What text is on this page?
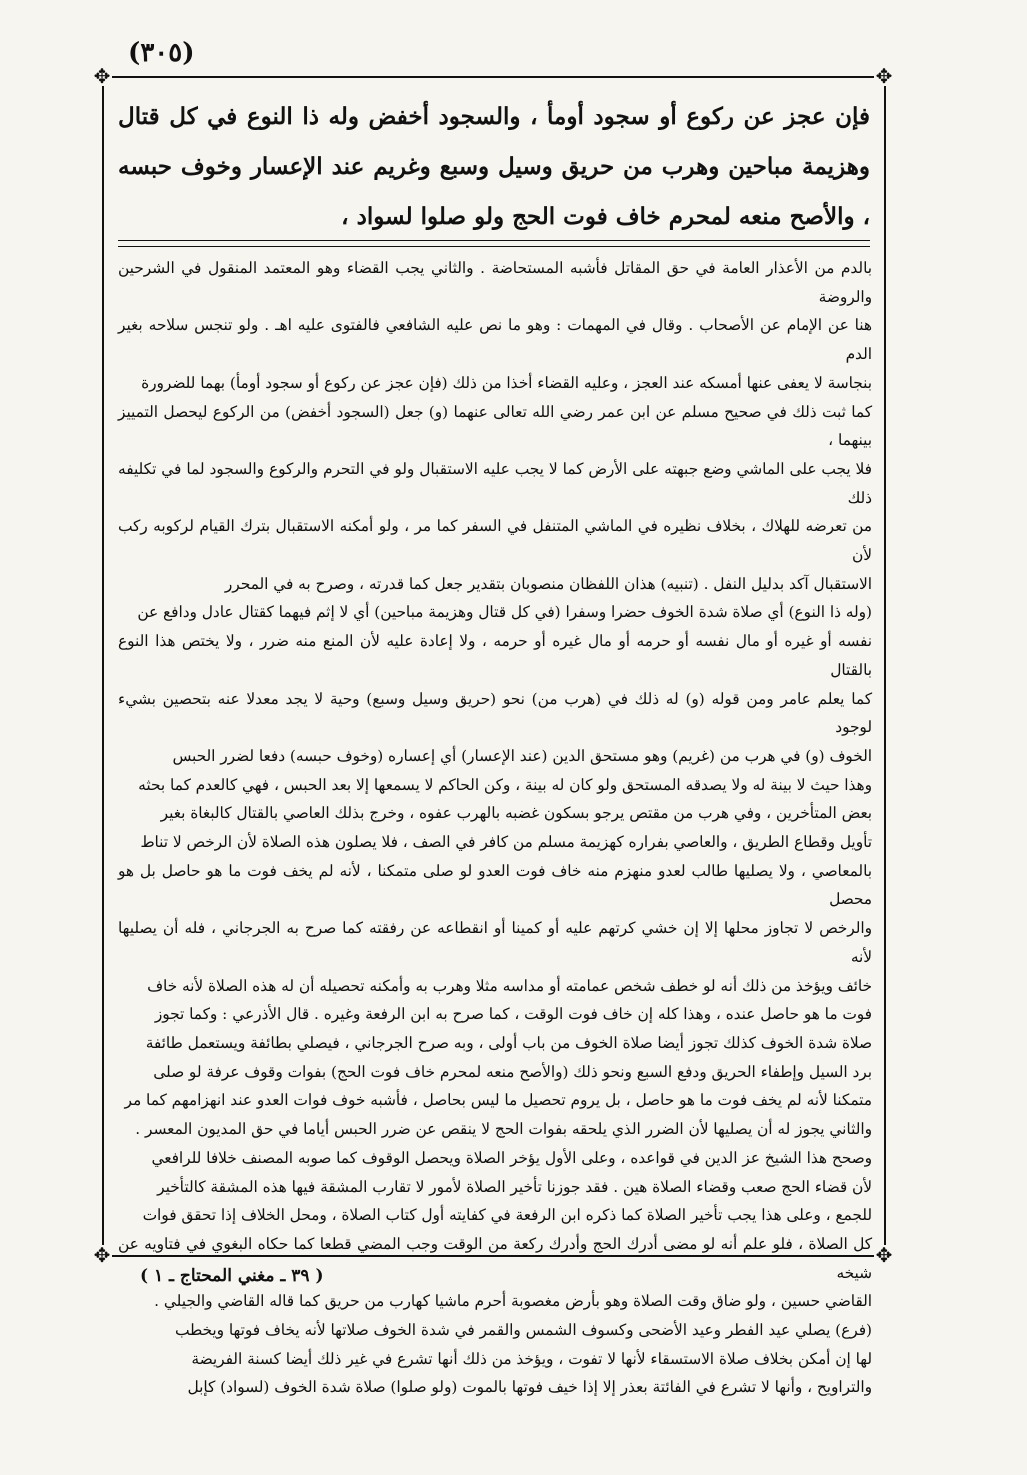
(٣٠٥)
✥	✥
✥	✥
فإن عجز عن ركوع أو سجود أومأ ، والسجود أخفض وله ذا النوع في كل قتال وهزيمة مباحين وهرب من حريق وسيل وسبع وغريم عند الإعسار وخوف حبسه ، والأصح منعه لمحرم خاف فوت الحج ولو صلوا لسواد ،

بالدم من الأعذار العامة في حق المقاتل فأشبه المستحاضة . والثاني يجب القضاء وهو المعتمد المنقول في الشرحين والروضة

هنا عن الإمام عن الأصحاب . وقال في المهمات : وهو ما نص عليه الشافعي فالفتوى عليه اهـ . ولو تنجس سلاحه بغير الدم

بنجاسة لا يعفى عنها أمسكه عند العجز ، وعليه القضاء أخذا من ذلك (فإن عجز عن ركوع أو سجود أومأ) بهما للضرورة

كما ثبت ذلك في صحيح مسلم عن ابن عمر رضي الله تعالى عنهما (و) جعل (السجود أخفض) من الركوع ليحصل التمييز بينهما ،

فلا يجب على الماشي وضع جبهته على الأرض كما لا يجب عليه الاستقبال ولو في التحرم والركوع والسجود لما في تكليفه ذلك

من تعرضه للهلاك ، بخلاف نظيره في الماشي المتنفل في السفر كما مر ، ولو أمكنه الاستقبال بترك القيام لركوبه ركب لأن

الاستقبال آكد بدليل النفل . (تنبيه) هذان اللفظان منصوبان بتقدير جعل كما قدرته ، وصرح به في المحرر

(وله ذا النوع) أي صلاة شدة الخوف حضرا وسفرا (في كل قتال وهزيمة مباحين) أي لا إثم فيهما كقتال عادل ودافع عن

نفسه أو غيره أو مال نفسه أو حرمه أو مال غيره أو حرمه ، ولا إعادة عليه لأن المنع منه ضرر ، ولا يختص هذا النوع بالقتال

كما يعلم عامر ومن قوله (و) له ذلك في (هرب من) نحو (حريق وسيل وسبع) وحية لا يجد معدلا عنه بتحصين بشيء لوجود

الخوف (و) في هرب من (غريم) وهو مستحق الدين (عند الإعسار) أي إعساره (وخوف حبسه) دفعا لضرر الحبس

وهذا حيث لا بينة له ولا يصدقه المستحق ولو كان له بينة ، وكن الحاكم لا يسمعها إلا بعد الحبس ، فهي كالعدم كما بحثه

بعض المتأخرين ، وفي هرب من مقتص يرجو بسكون غضبه بالهرب عفوه ، وخرج بذلك العاصي بالقتال كالبغاة بغير

تأويل وقطاع الطريق ، والعاصي بفراره كهزيمة مسلم من كافر في الصف ، فلا يصلون هذه الصلاة لأن الرخص لا تناط

بالمعاصي ، ولا يصليها طالب لعدو منهزم منه خاف فوت العدو لو صلى متمكنا ، لأنه لم يخف فوت ما هو حاصل بل هو محصل

والرخص لا تجاوز محلها إلا إن خشي كرتهم عليه أو كمينا أو انقطاعه عن رفقته كما صرح به الجرجاني ، فله أن يصليها لأنه

خائف ويؤخذ من ذلك أنه لو خطف شخص عمامته أو مداسه مثلا وهرب به وأمكنه تحصيله أن له هذه الصلاة لأنه خاف

فوت ما هو حاصل عنده ، وهذا كله إن خاف فوت الوقت ، كما صرح به ابن الرفعة وغيره . قال الأذرعي : وكما تجوز

صلاة شدة الخوف كذلك تجوز أيضا صلاة الخوف من باب أولى ، وبه صرح الجرجاني ، فيصلي بطائفة ويستعمل طائفة

برد السيل وإطفاء الحريق ودفع السبع ونحو ذلك (والأصح منعه لمحرم خاف فوت الحج) بفوات وقوف عرفة لو صلى

متمكنا لأنه لم يخف فوت ما هو حاصل ، بل يروم تحصيل ما ليس بحاصل ، فأشبه خوف فوات العدو عند انهزامهم كما مر

والثاني يجوز له أن يصليها لأن الضرر الذي يلحقه بفوات الحج لا ينقص عن ضرر الحبس أياما في حق المديون المعسر .

وصحح هذا الشيخ عز الدين في قواعده ، وعلى الأول يؤخر الصلاة ويحصل الوقوف كما صوبه المصنف خلافا للرافعي

لأن قضاء الحج صعب وقضاء الصلاة هين . فقد جوزنا تأخير الصلاة لأمور لا تقارب المشقة فيها هذه المشقة كالتأخير

للجمع ، وعلى هذا يجب تأخير الصلاة كما ذكره ابن الرفعة في كفايته أول كتاب الصلاة ، ومحل الخلاف إذا تحقق فوات

كل الصلاة ، فلو علم أنه لو مضى أدرك الحج وأدرك ركعة من الوقت وجب المضي قطعا كما حكاه البغوي في فتاويه عن شيخه

القاضي حسين ، ولو ضاق وقت الصلاة وهو بأرض مغصوبة أحرم ماشيا كهارب من حريق كما قاله القاضي والجيلي .

(فرع) يصلي عيد الفطر وعيد الأضحى وكسوف الشمس والقمر في شدة الخوف صلاتها لأنه يخاف فوتها ويخطب

لها إن أمكن بخلاف صلاة الاستسقاء لأنها لا تفوت ، ويؤخذ من ذلك أنها تشرع في غير ذلك أيضا كسنة الفريضة

والتراويح ، وأنها لا تشرع في الفائتة بعذر إلا إذا خيف فوتها بالموت (ولو صلوا) صلاة شدة الخوف (لسواد) كإبل

( ٣٩ ـ مغني المحتاج ـ ١ )
